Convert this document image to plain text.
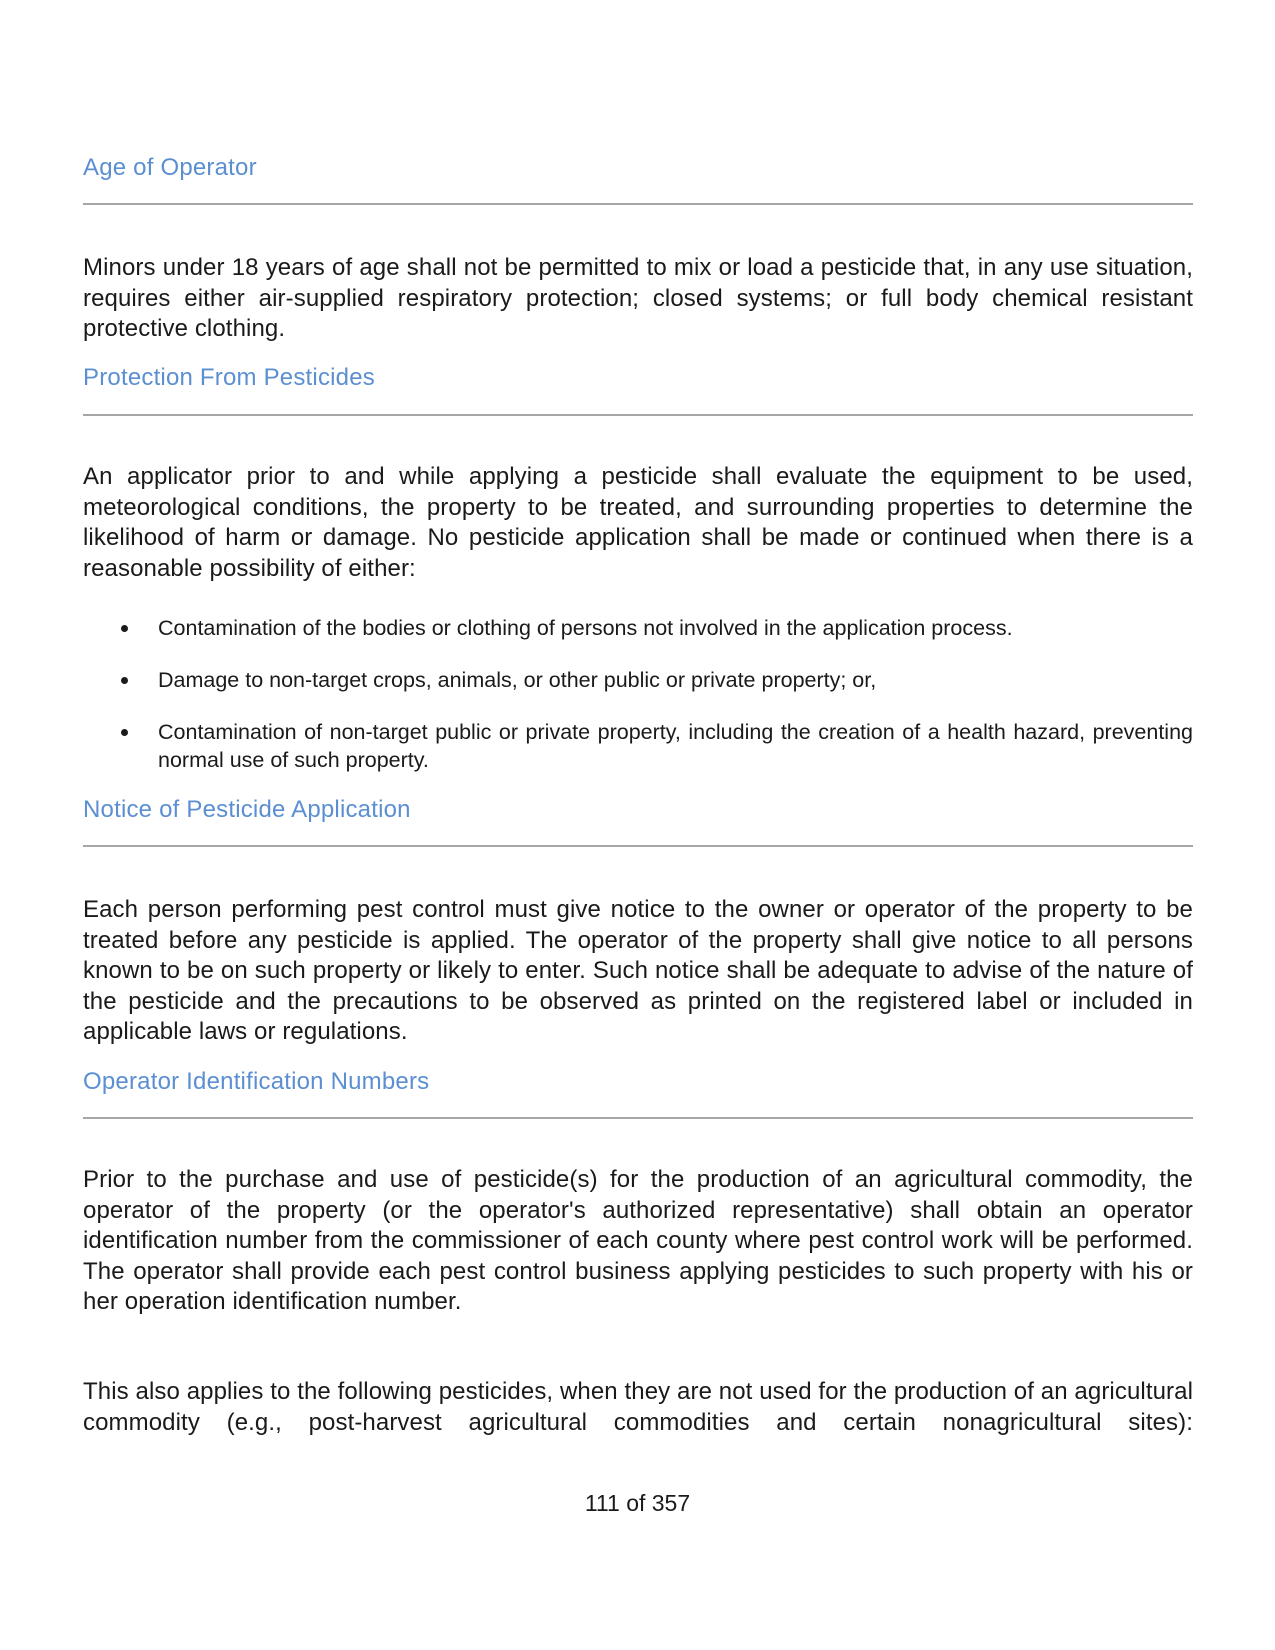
Age of Operator

Minors under 18 years of age shall not be permitted to mix or load a pesticide that, in any use situation, requires either air-supplied respiratory protection; closed systems; or full body chemical resistant protective clothing.

Protection From Pesticides

An applicator prior to and while applying a pesticide shall evaluate the equipment to be used, meteorological conditions, the property to be treated, and surrounding properties to determine the likelihood of harm or damage. No pesticide application shall be made or continued when there is a reasonable possibility of either:

Contamination of the bodies or clothing of persons not involved in the application process.
Damage to non-target crops, animals, or other public or private property; or,
Contamination of non-target public or private property, including the creation of a health hazard, preventing normal use of such property.
Notice of Pesticide Application

Each person performing pest control must give notice to the owner or operator of the property to be treated before any pesticide is applied. The operator of the property shall give notice to all persons known to be on such property or likely to enter. Such notice shall be adequate to advise of the nature of the pesticide and the precautions to be observed as printed on the registered label or included in applicable laws or regulations.

Operator Identification Numbers

Prior to the purchase and use of pesticide(s) for the production of an agricultural commodity, the operator of the property (or the operator's authorized representative) shall obtain an operator identification number from the commissioner of each county where pest control work will be performed. The operator shall provide each pest control business applying pesticides to such property with his or her operation identification number.

This also applies to the following pesticides, when they are not used for the production of an agricultural commodity (e.g., post-harvest agricultural commodities and certain nonagricultural sites):

111 of 357
